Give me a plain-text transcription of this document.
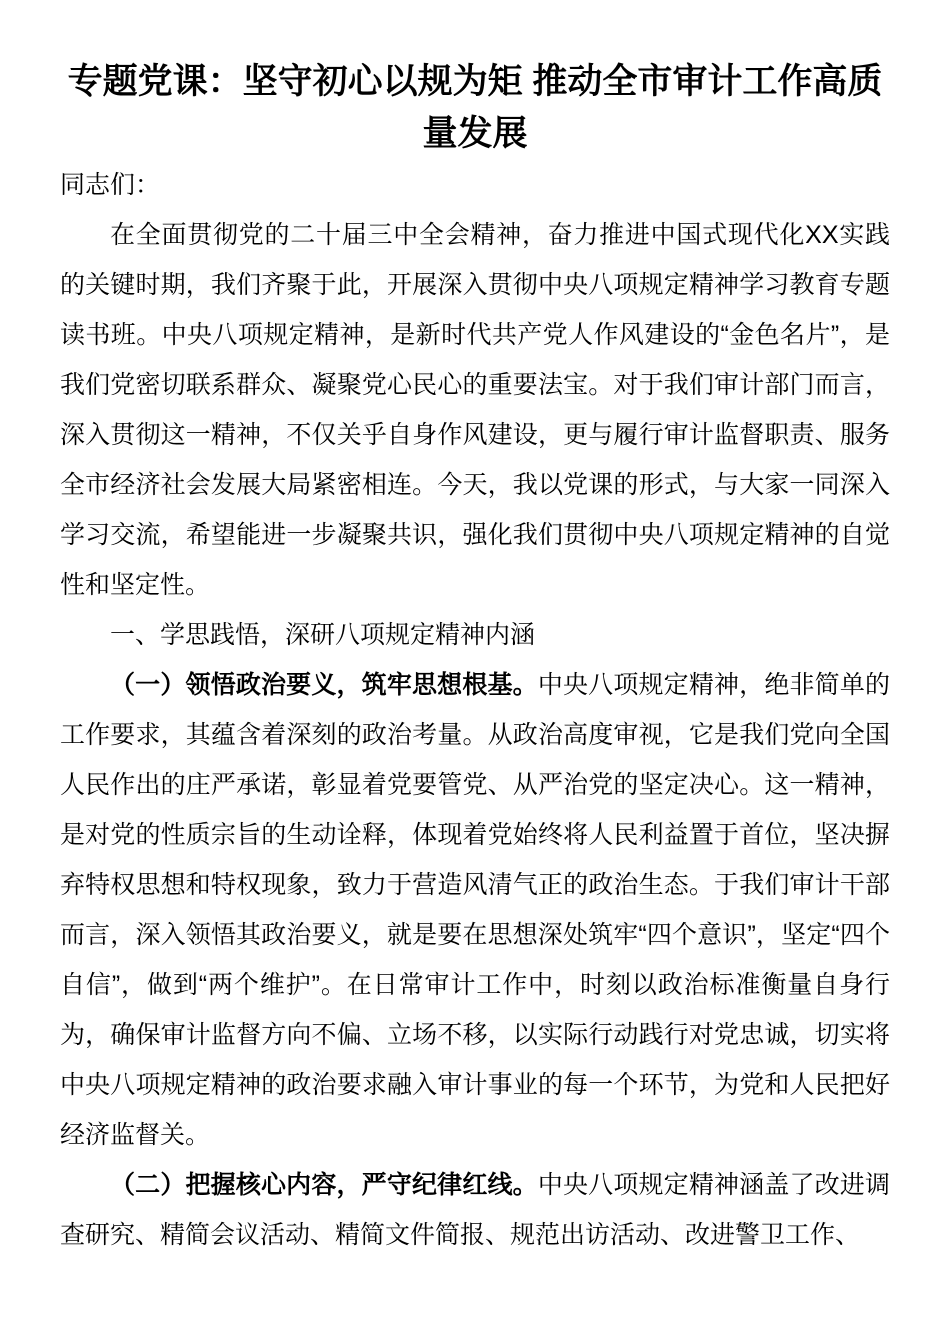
专题党课：坚守初心以规为矩 推动全市审计工作高质量发展

同志们：

在全面贯彻党的二十届三中全会精神，奋力推进中国式现代化XX实践的关键时期，我们齐聚于此，开展深入贯彻中央八项规定精神学习教育专题读书班。中央八项规定精神，是新时代共产党人作风建设的“金色名片”，是我们党密切联系群众、凝聚党心民心的重要法宝。对于我们审计部门而言，深入贯彻这一精神，不仅关乎自身作风建设，更与履行审计监督职责、服务全市经济社会发展大局紧密相连。今天，我以党课的形式，与大家一同深入学习交流，希望能进一步凝聚共识，强化我们贯彻中央八项规定精神的自觉性和坚定性。

一、学思践悟，深研八项规定精神内涵

（一）领悟政治要义，筑牢思想根基。中央八项规定精神，绝非简单的工作要求，其蕴含着深刻的政治考量。从政治高度审视，它是我们党向全国人民作出的庄严承诺，彰显着党要管党、从严治党的坚定决心。这一精神，是对党的性质宗旨的生动诠释，体现着党始终将人民利益置于首位，坚决摒弃特权思想和特权现象，致力于营造风清气正的政治生态。于我们审计干部而言，深入领悟其政治要义，就是要在思想深处筑牢“四个意识”，坚定“四个自信”，做到“两个维护”。在日常审计工作中，时刻以政治标准衡量自身行为，确保审计监督方向不偏、立场不移，以实际行动践行对党忠诚，切实将中央八项规定精神的政治要求融入审计事业的每一个环节，为党和人民把好经济监督关。

（二）把握核心内容，严守纪律红线。中央八项规定精神涵盖了改进调查研究、精简会议活动、精简文件简报、规范出访活动、改进警卫工作、
